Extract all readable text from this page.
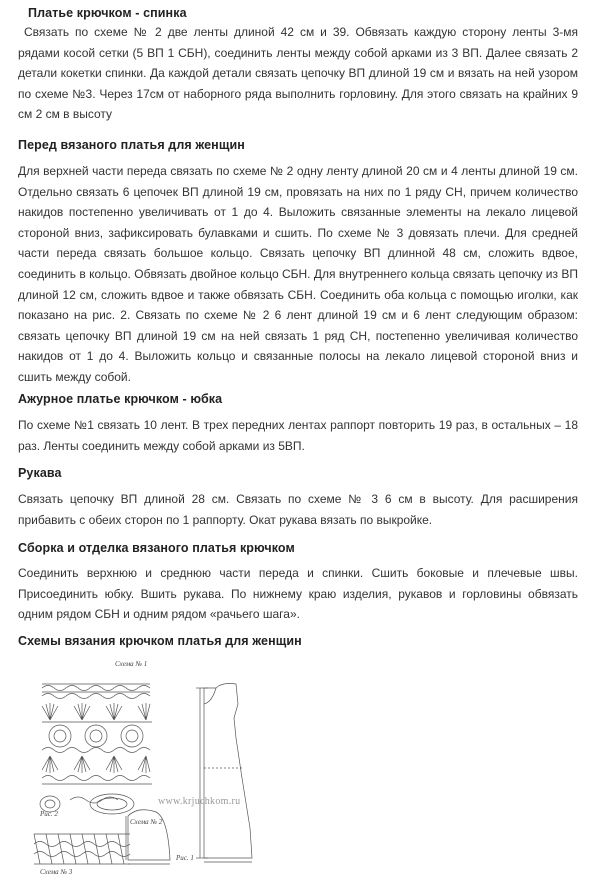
Платье крючком - спинка

Связать по схеме № 2 две ленты длиной 42 см и 39. Обвязать каждую сторону ленты 3-мя рядами косой сетки (5 ВП 1 СБН), соединить ленты между собой арками из 3 ВП. Далее связать 2 детали кокетки спинки. Да каждой детали связать цепочку ВП длиной 19 см и вязать на ней узором по схеме №3. Через 17см от наборного ряда выполнить горловину. Для этого связать на крайних 9 см 2 см в высоту

Перед вязаного платья для женщин

Для верхней части переда связать по схеме № 2 одну ленту длиной 20 см и 4 ленты длиной 19 см. Отдельно связать 6 цепочек ВП длиной 19 см, провязать на них по 1 ряду СН, причем количество накидов постепенно увеличивать от 1 до 4. Выложить связанные элементы на лекало лицевой стороной вниз, зафиксировать булавками и сшить. По схеме № 3 довязать плечи. Для средней части переда связать большое кольцо. Связать цепочку ВП длинной 48 см, сложить вдвое, соединить в кольцо. Обвязать двойное кольцо СБН. Для внутреннего кольца связать цепочку из ВП длиной 12 см, сложить вдвое и также обвязать СБН. Соединить оба кольца с помощью иголки, как показано на рис. 2. Связать по схеме № 2 6 лент длиной 19 см и 6 лент следующим образом: связать цепочку ВП длиной 19 см на ней связать 1 ряд СН, постепенно увеличивая количество накидов от 1 до 4. Выложить кольцо и связанные полосы на лекало лицевой стороной вниз и сшить между собой.

Ажурное платье крючком - юбка

По схеме №1 связать 10 лент. В трех передних лентах раппорт повторить 19 раз, в остальных – 18 раз. Ленты соединить между собой арками из 5ВП.

Рукава

Связать цепочку ВП длиной 28 см. Связать по схеме № 3 6 см в высоту. Для расширения прибавить с обеих сторон по 1 раппорту. Окат рукава вязать по выкройке.

Сборка и отделка вязаного платья крючком

Соединить верхнюю и среднюю части переда и спинки. Сшить боковые и плечевые швы. Присоединить юбку. Вшить рукава. По нижнему краю изделия, рукавов и горловины обвязать одним рядом СБН и одним рядом «рачьего шага».

Схемы вязания крючком платья для женщин
Схема № 1
Рис. 2
Схема № 2
Схема № 3
Рис. 1
www.krjuchkom.ru
